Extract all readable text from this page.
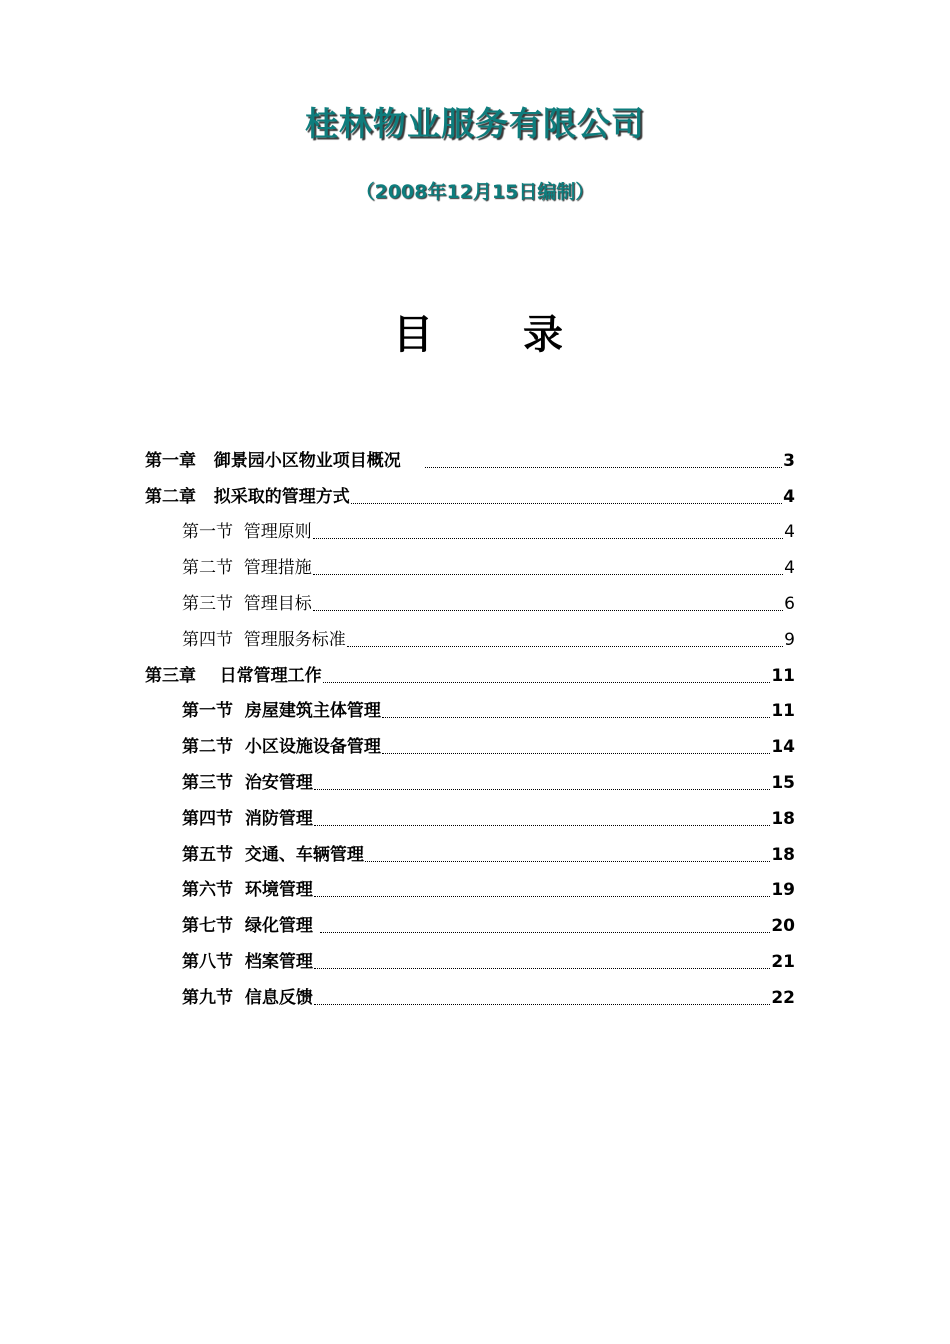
桂林物业服务有限公司
（2008年12月15日编制）
目 录
第一章   御景园小区物业项目概况	3
第二章   拟采取的管理方式	4
第一节  管理原则	4
第二节  管理措施	4
第三节  管理目标	6
第四节  管理服务标准	9
第三章    日常管理工作	11
第一节  房屋建筑主体管理	11
第二节  小区设施设备管理	14
第三节  治安管理	15
第四节  消防管理	18
第五节  交通、车辆管理	18
第六节  环境管理	19
第七节  绿化管理	20
第八节  档案管理	21
第九节  信息反馈	22
